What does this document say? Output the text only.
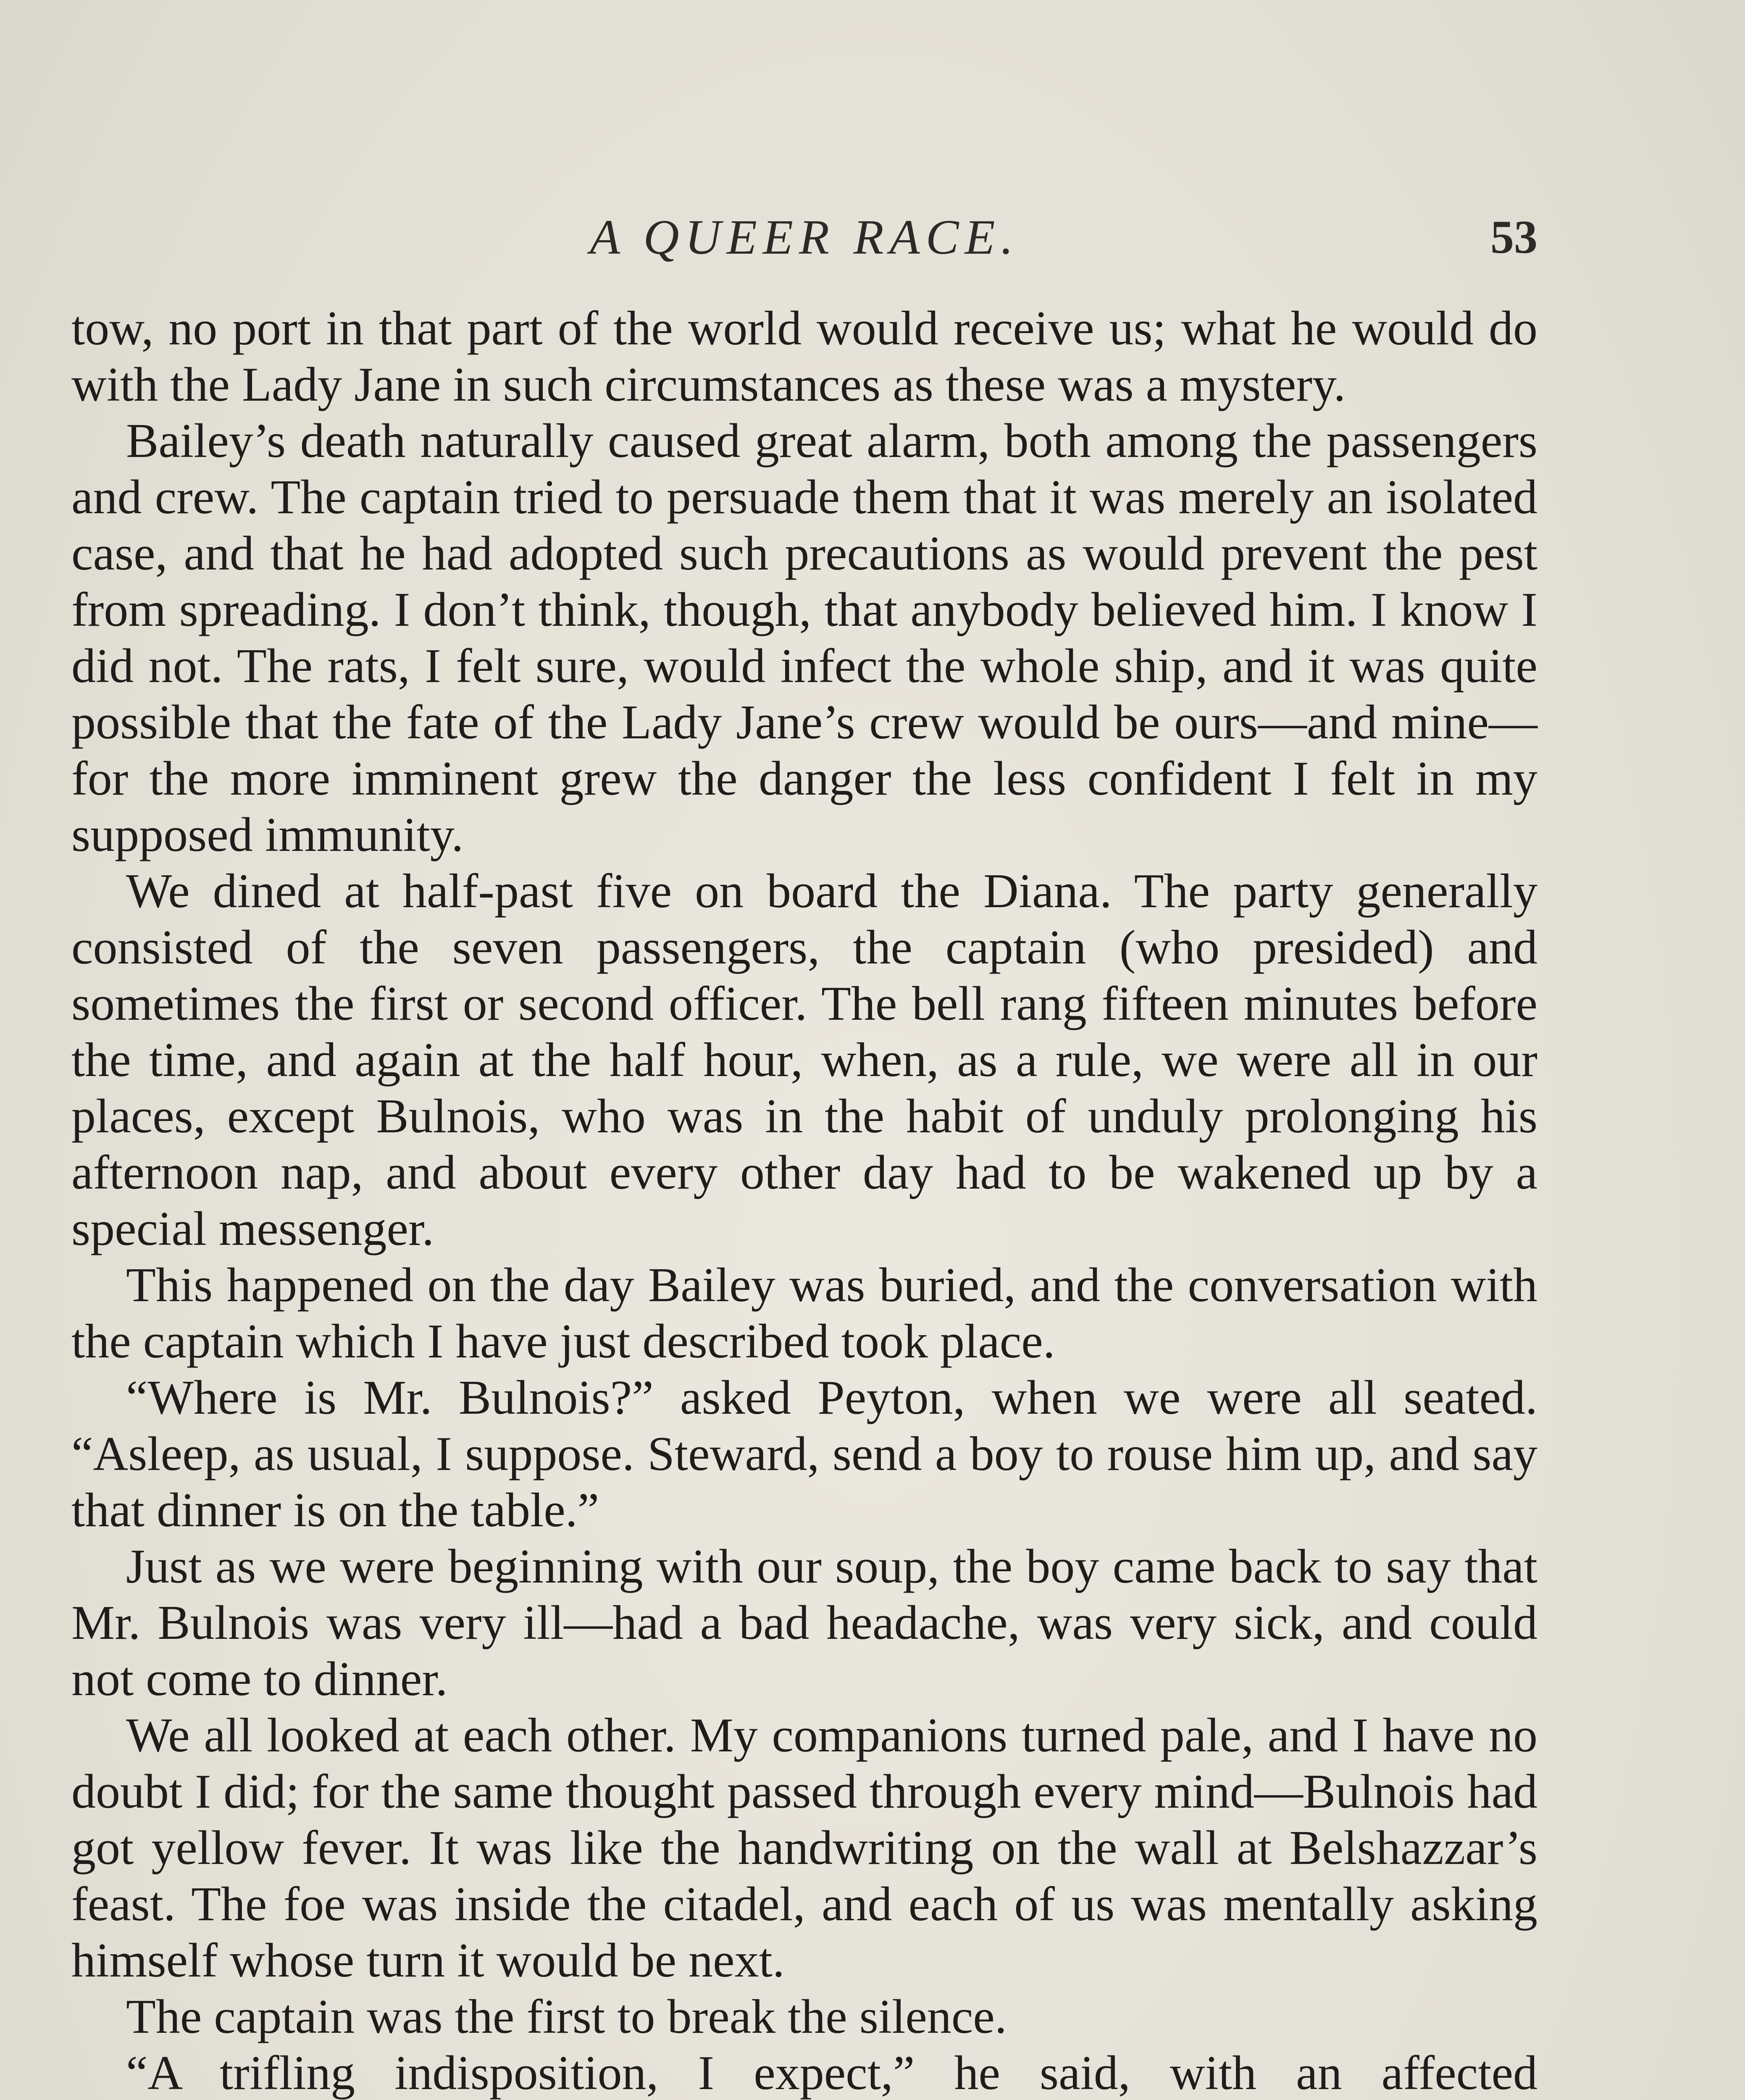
A QUEER RACE.	53

tow, no port in that part of the world would receive us; what he would do with the Lady Jane in such circumstances as these was a mystery.

Bailey’s death naturally caused great alarm, both among the passengers and crew. The captain tried to persuade them that it was merely an isolated case, and that he had adopted such precautions as would prevent the pest from spreading. I don’t think, though, that anybody believed him. I know I did not. The rats, I felt sure, would infect the whole ship, and it was quite possible that the fate of the Lady Jane’s crew would be ours—and mine—for the more imminent grew the danger the less confident I felt in my supposed immunity.

We dined at half-past five on board the Diana. The party generally consisted of the seven passengers, the captain (who presided) and sometimes the first or second officer. The bell rang fifteen minutes before the time, and again at the half hour, when, as a rule, we were all in our places, except Bulnois, who was in the habit of unduly prolonging his afternoon nap, and about every other day had to be wakened up by a special messenger.

This happened on the day Bailey was buried, and the conversation with the captain which I have just described took place.

“Where is Mr. Bulnois?” asked Peyton, when we were all seated. “Asleep, as usual, I suppose. Steward, send a boy to rouse him up, and say that dinner is on the table.”

Just as we were beginning with our soup, the boy came back to say that Mr. Bulnois was very ill—had a bad headache, was very sick, and could not come to dinner.

We all looked at each other. My companions turned pale, and I have no doubt I did; for the same thought passed through every mind—Bulnois had got yellow fever. It was like the handwriting on the wall at Belshazzar’s feast. The foe was inside the citadel, and each of us was mentally asking himself whose turn it would be next.

The captain was the first to break the silence.

“A trifling indisposition, I expect,” he said, with an affected
